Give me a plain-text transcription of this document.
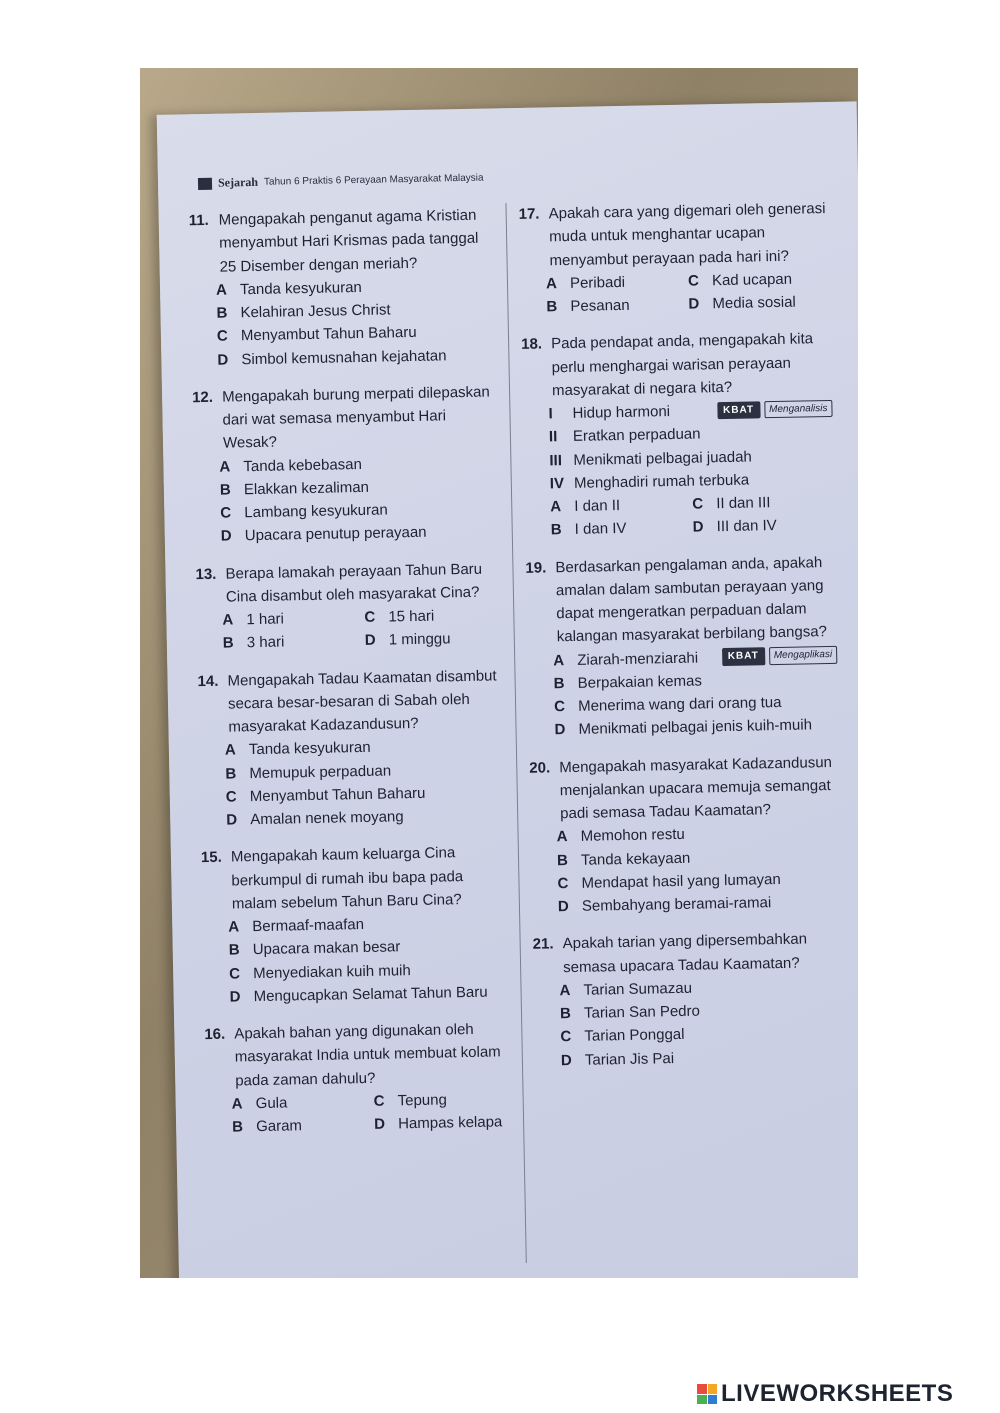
Sejarah Tahun 6 Praktis 6 Perayaan Masyarakat Malaysia
11. Mengapakah penganut agama Kristian menyambut Hari Krismas pada tanggal 25 Disember dengan meriah?
A Tanda kesyukuran
B Kelahiran Jesus Christ
C Menyambut Tahun Baharu
D Simbol kemusnahan kejahatan
12. Mengapakah burung merpati dilepaskan dari wat semasa menyambut Hari Wesak?
A Tanda kebebasan
B Elakkan kezaliman
C Lambang kesyukuran
D Upacara penutup perayaan
13. Berapa lamakah perayaan Tahun Baru Cina disambut oleh masyarakat Cina?
A 1 hari	C 15 hari
B 3 hari	D 1 minggu
14. Mengapakah Tadau Kaamatan disambut secara besar-besaran di Sabah oleh masyarakat Kadazandusun?
A Tanda kesyukuran
B Memupuk perpaduan
C Menyambut Tahun Baharu
D Amalan nenek moyang
15. Mengapakah kaum keluarga Cina berkumpul di rumah ibu bapa pada malam sebelum Tahun Baru Cina?
A Bermaaf-maafan
B Upacara makan besar
C Menyediakan kuih muih
D Mengucapkan Selamat Tahun Baru
16. Apakah bahan yang digunakan oleh masyarakat India untuk membuat kolam pada zaman dahulu?
A Gula	C Tepung
B Garam	D Hampas kelapa
17. Apakah cara yang digemari oleh generasi muda untuk menghantar ucapan menyambut perayaan pada hari ini?
A Peribadi	C Kad ucapan
B Pesanan	D Media sosial
18. Pada pendapat anda, mengapakah kita perlu menghargai warisan perayaan masyarakat di negara kita?
I	Hidup harmoni	KBAT	Menganalisis
II	Eratkan perpaduan
III Menikmati pelbagai juadah
IV Menghadiri rumah terbuka
A I dan II	C II dan III
B I dan IV	D III dan IV
19. Berdasarkan pengalaman anda, apakah amalan dalam sambutan perayaan yang dapat mengeratkan perpaduan dalam kalangan masyarakat berbilang bangsa?
A Ziarah-menziarahi	KBAT	Mengaplikasi
B Berpakaian kemas
C Menerima wang dari orang tua
D Menikmati pelbagai jenis kuih-muih
20. Mengapakah masyarakat Kadazandusun menjalankan upacara memuja semangat padi semasa Tadau Kaamatan?
A Memohon restu
B Tanda kekayaan
C Mendapat hasil yang lumayan
D Sembahyang beramai-ramai
21. Apakah tarian yang dipersembahkan semasa upacara Tadau Kaamatan?
A Tarian Sumazau
B Tarian San Pedro
C Tarian Ponggal
D Tarian Jis Pai
LIVEWORKSHEETS
